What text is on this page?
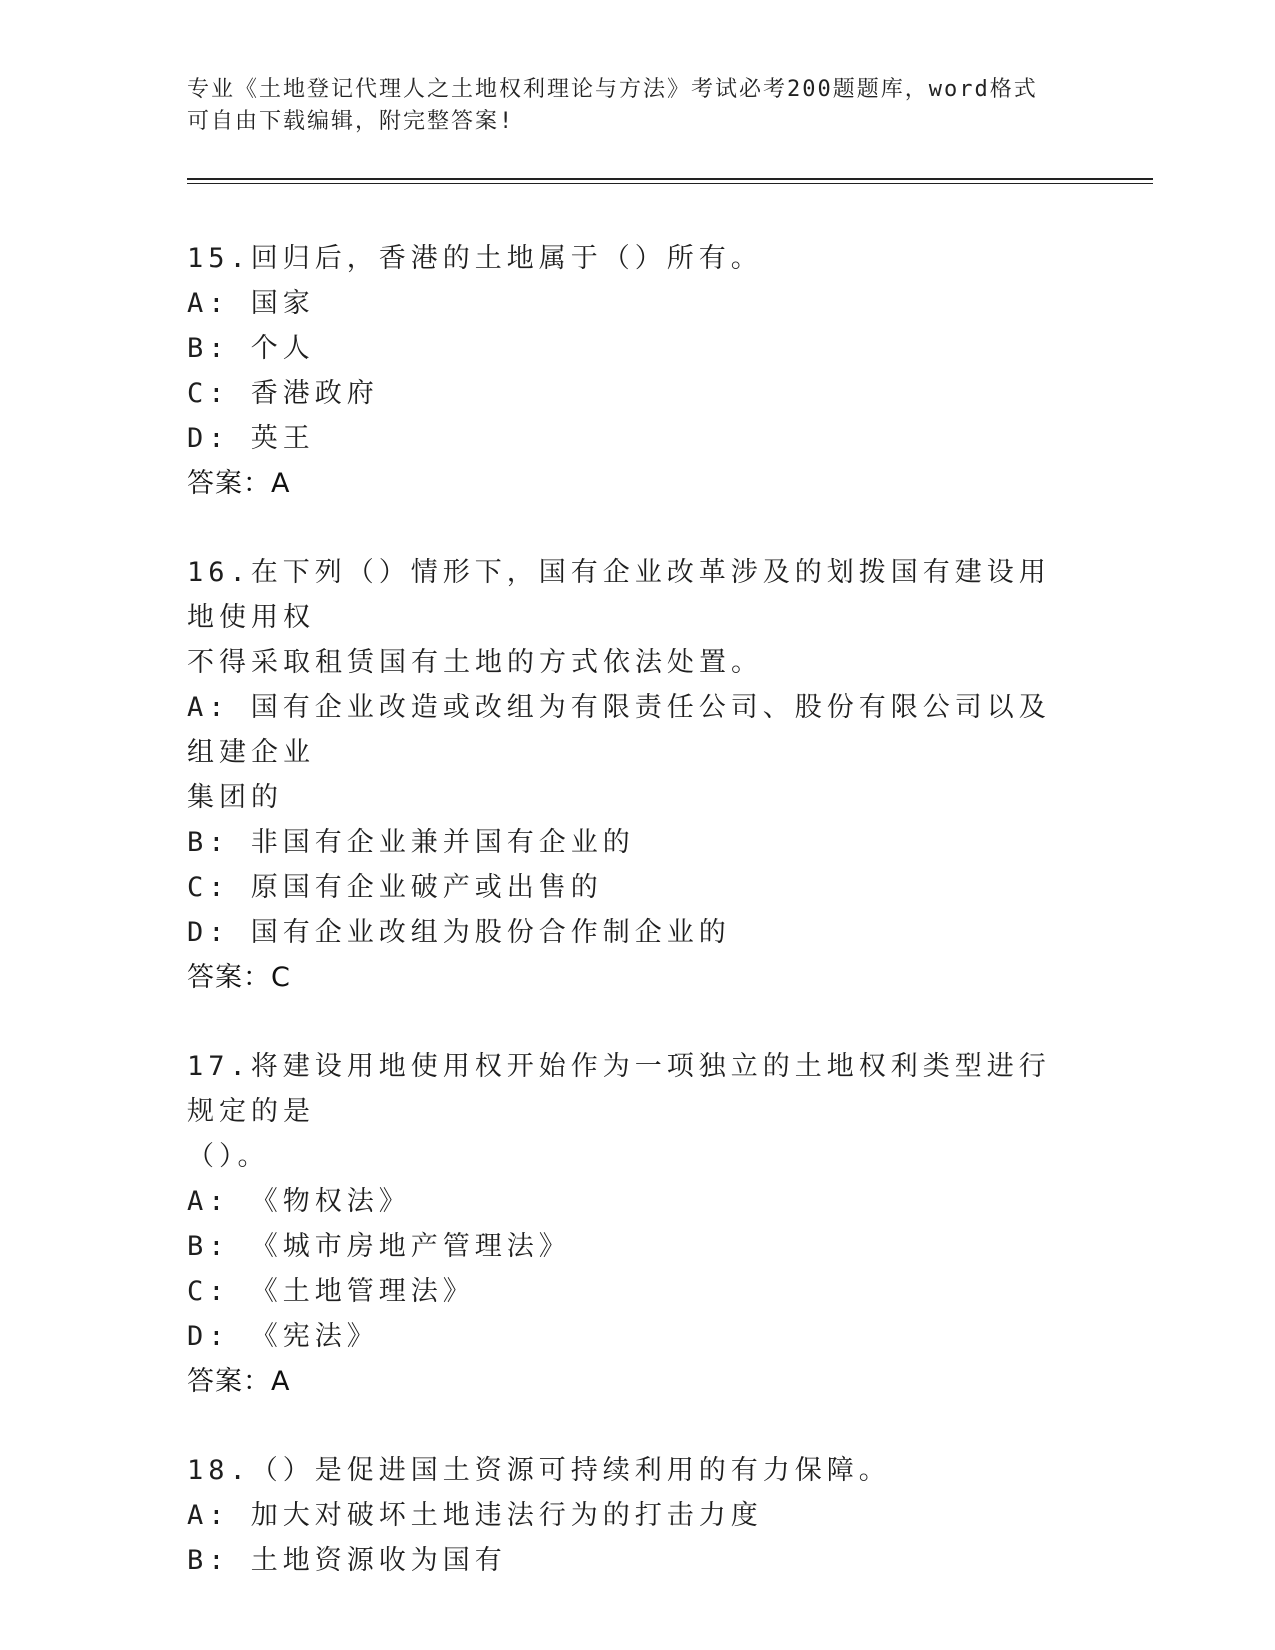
专业《土地登记代理人之土地权利理论与方法》考试必考200题题库，word格式
可自由下载编辑，附完整答案!

15.回归后，香港的土地属于（）所有。

A: 国家

B: 个人

C: 香港政府

D: 英王

答案：A

16.在下列（）情形下，国有企业改革涉及的划拨国有建设用地使用权

不得采取租赁国有土地的方式依法处置。

A: 国有企业改造或改组为有限责任公司、股份有限公司以及组建企业

集团的

B: 非国有企业兼并国有企业的

C: 原国有企业破产或出售的

D: 国有企业改组为股份合作制企业的

答案：C

17.将建设用地使用权开始作为一项独立的土地权利类型进行规定的是

（）。

A: 《物权法》

B: 《城市房地产管理法》

C: 《土地管理法》

D: 《宪法》

答案：A

18.（）是促进国土资源可持续利用的有力保障。

A: 加大对破坏土地违法行为的打击力度

B: 土地资源收为国有
